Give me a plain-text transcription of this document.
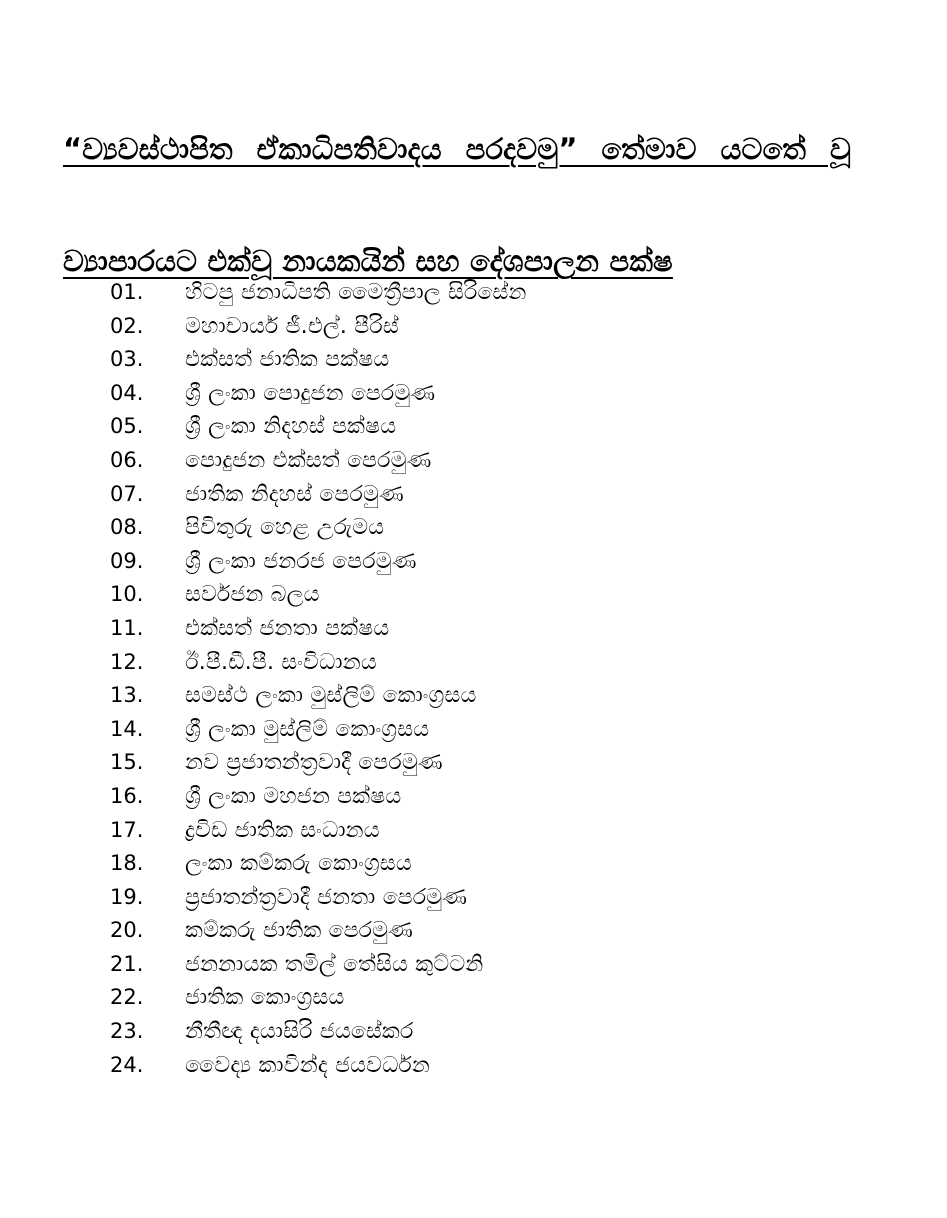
“ව්‍යවස්ථාපිත ඒකාධිපතිවාදය පරදවමු” තේමාව යටතේ වූ ව්‍යාපාරයට එක්වූ නායකයින් සහ දේශපාලන පක්ෂ
01.	හිටපු ජනාධිපති මෛත්‍රීපාල සිරිසේන
02.	මහාචාර්ය ජී.එල්. පීරිස්
03.	එක්සත් ජාතික පක්ෂය
04.	ශ්‍රී ලංකා පොදුජන පෙරමුණ
05.	ශ්‍රී ලංකා නිදහස් පක්ෂය
06.	පොදුජන එක්සත් පෙරමුණ
07.	ජාතික නිදහස් පෙරමුණ
08.	පිවිතුරු හෙළ උරුමය
09.	ශ්‍රී ලංකා ජනරජ පෙරමුණ
10.	සර්වජන බලය
11.	එක්සත් ජනතා පක්ෂය
12.	ඊ.පී.ඩී.පී. සංවිධානය
13.	සමස්ථ ලංකා මුස්ලිම් කොංග්‍රසය
14.	ශ්‍රී ලංකා මුස්ලිම් කොංග්‍රසය
15.	නව ප්‍රජාතන්ත්‍රවාදී පෙරමුණ
16.	ශ්‍රී ලංකා මහජන පක්ෂය
17.	ද්‍රවිඩ ජාතික සංධානය
18.	ලංකා කම්කරු කොංග්‍රසය
19.	ප්‍රජාතන්ත්‍රවාදී ජනතා පෙරමුණ
20.	කම්කරු ජාතික පෙරමුණ
21.	ජනනායක තමිල් තේසිය කුට්ටනි
22.	ජාතික කොංග්‍රසය
23.	නීතීඥ දයාසිරි ජයසේකර
24.	වෛද්‍ය කාවින්ද ජයවර්ධන
